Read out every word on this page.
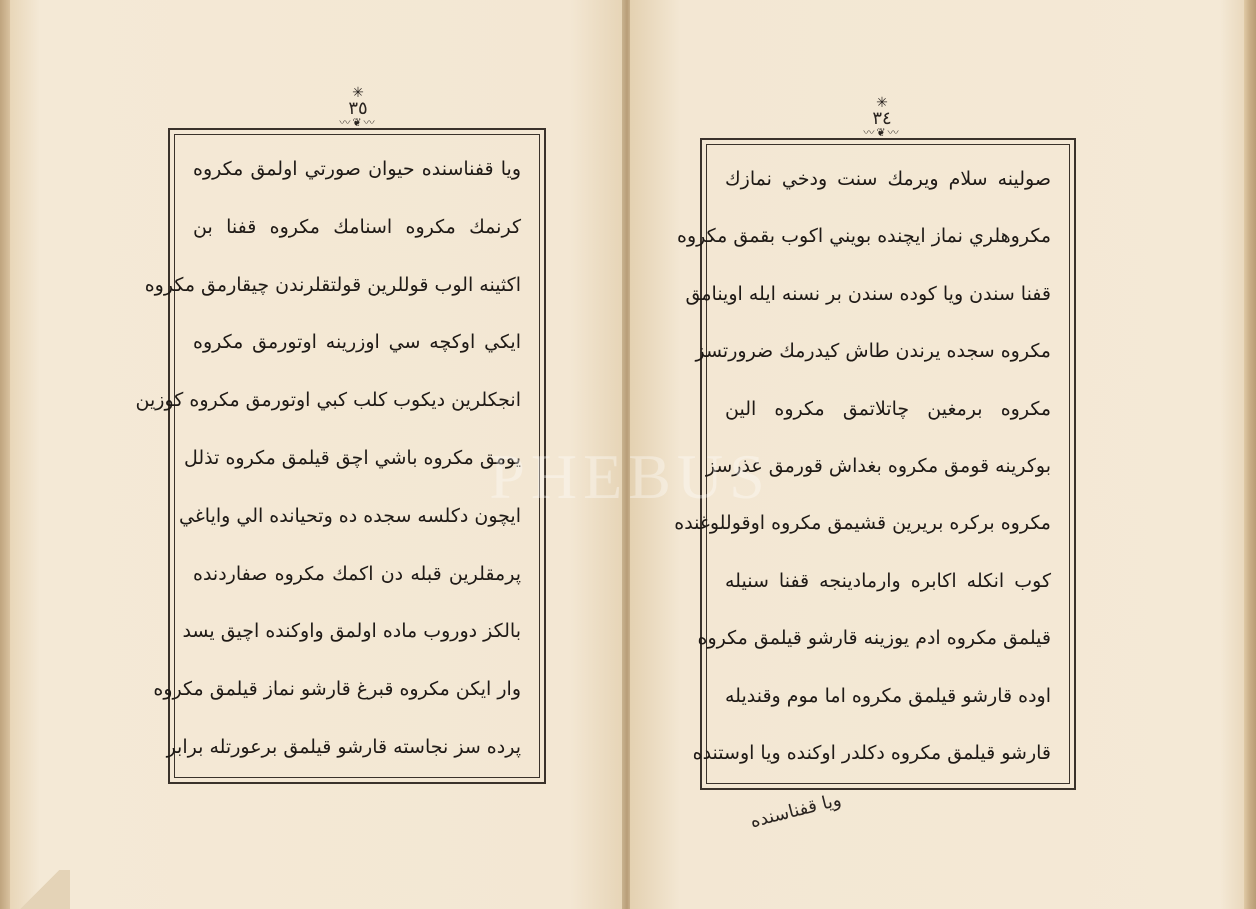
✳
٣٥
〰❦〰
✳
٣٤
〰❦〰
ويا قفناسنده حيوان صورتي اولمق مكروه
كرنمك مكروه اسنامك مكروه قفنا بن
اكثينه الوب قوللرين قولتقلرندن چيقارمق مكروه
ايكي اوكچه سي اوزرينه اوتورمق مكروه
انجكلرين ديكوب كلب كبي اوتورمق مكروه كوزين
يومق مكروه باشي اچق قيلمق مكروه تذلل
ايچون دكلسه سجده ده وتحيانده الي واياغي
پرمقلرين قبله دن اكمك مكروه صفاردنده
بالكز دوروب ماده اولمق واوكنده اچيق يسد
وار ايكن مكروه قبرغ قارشو نماز قيلمق مكروه
پرده سز نجاسته قارشو قيلمق برعورتله برابر
صولينه سلام ويرمك سنت ودخي نمازك
مكروهلري نماز ايچنده بويني اكوب بقمق مكروه
قفنا سندن ويا كوده سندن بر نسنه ايله اوينامق
مكروه سجده يرندن طاش كيدرمك ضرورتسز
مكروه برمغين چاتلاتمق مكروه الين
بوكرينه قومق مكروه بغداش قورمق عذرسز
مكروه بركره بريرين قشيمق مكروه اوقوللوغنده
كوب انكله اكابره وارمادينجه قفنا سنيله
قيلمق مكروه ادم يوزينه قارشو قيلمق مكروه
اوده قارشو قيلمق مكروه اما موم وقنديله
قارشو قيلمق مكروه دكلدر اوكنده ويا اوستنده
ويا قفناسنده
PHEBUS
